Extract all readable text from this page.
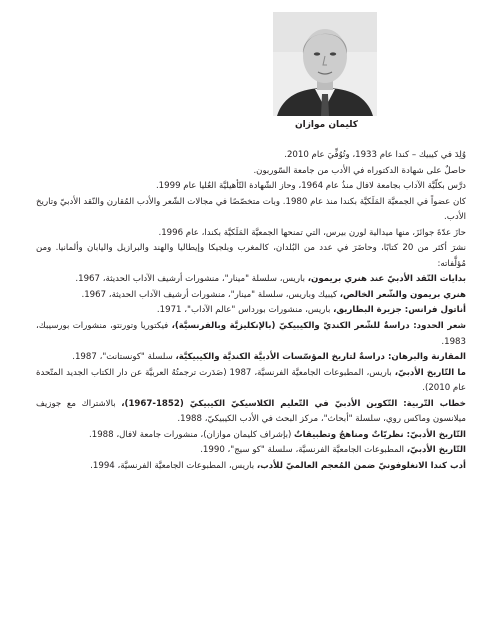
كليمان موازان

وُلِدَ في كيبيك – كندا عام 1933، وتُوُفِّيَ عام 2010.

حاصلٌ على شهادة الدكتوراه في الأدب من جامعة السّوربون.

درَّس بكلّيَّة الآداب بجامعة لافال منذُ عام 1964، وحاز الشّهادة التّأهيليَّة العُليا عام 1999.

كان عضواً في الجمعيَّة المَلَكيَّة بكندا منذ عام 1980. وبات متخصّصًا في مجالات الشّعر والأدب المُقارن والنّقد الأدبيّ وتاريخ الأدب.

حازَ عدّةَ جوائزَ، منها ميدالية لورن بيرس، التي تمنحها الجمعيَّة المَلَكيَّة بكندا، عام 1996.

نشرَ أكثر من 20 كتابًا، وحاضَرَ في عدد من البُلدان، كالمغرب وبلجيكا وإيطاليا والهند والبرازيل واليابان وألمانيا. ومن مُؤلَّفاته:

بدايات النّقد الأدبيّ عند هنري بريمون، باريس، سلسلة "مينار"، منشورات أرشيف الآداب الحديثة، 1967.

هنري بريمون والشّعر الخالص، كيبيك وباريس، سلسلة "مينار"، منشورات أرشيف الآداب الحديثة، 1967.

أناتول فرانس: جزيرة البطاريق، باريس، منشورات بورداس "عالم الآداب"، 1971.

شعر الحدود: دراسةٌ للشّعر الكنديّ والكيبيكيّ (بالإنكليزيَّة وبالفرنسيَّة)، فيكتوريا وتورنتو، منشورات بورسيبك، 1983.

المقارنة والبرهان: دراسةٌ لتاريخ المؤسّسات الأدبيَّة الكنديَّة والكيبيكيَّة، سلسلة "كونستانت"، 1987.

ما التّاريخ الأدبيّ، باريس، المطبوعات الجامعيَّة الفرنسيَّة، 1987 (صَدَرت ترجمتُهُ العربيَّة عن دار الكتاب الجديد المتّحدة عام 2010).

خطاب التّربية: التّكوين الأدبيّ في التّعليم الكلاسيكيّ الكيبيكيّ (1852-1967)، بالاشتراك مع جوزيف ميلانسون وماكس روي، سلسلة "أبحاث"، مركز البحث في الأدب الكيبيكيّ، 1988.

التّاريخ الأدبيّ: نظريّاتٌ ومناهجُ وتطبيقاتٌ (بإشراف كليمان موازان)، منشورات جامعة لافال، 1988.

التّاريخ الأدبيّ، المطبوعات الجامعيَّة الفرنسيَّة، سلسلة "كو سيج"، 1990.

أدب كندا الانغلوفونيّ ضمن المُعجم العالميّ للأدب، باريس، المطبوعات الجامعيَّة الفرنسيَّة، 1994.
